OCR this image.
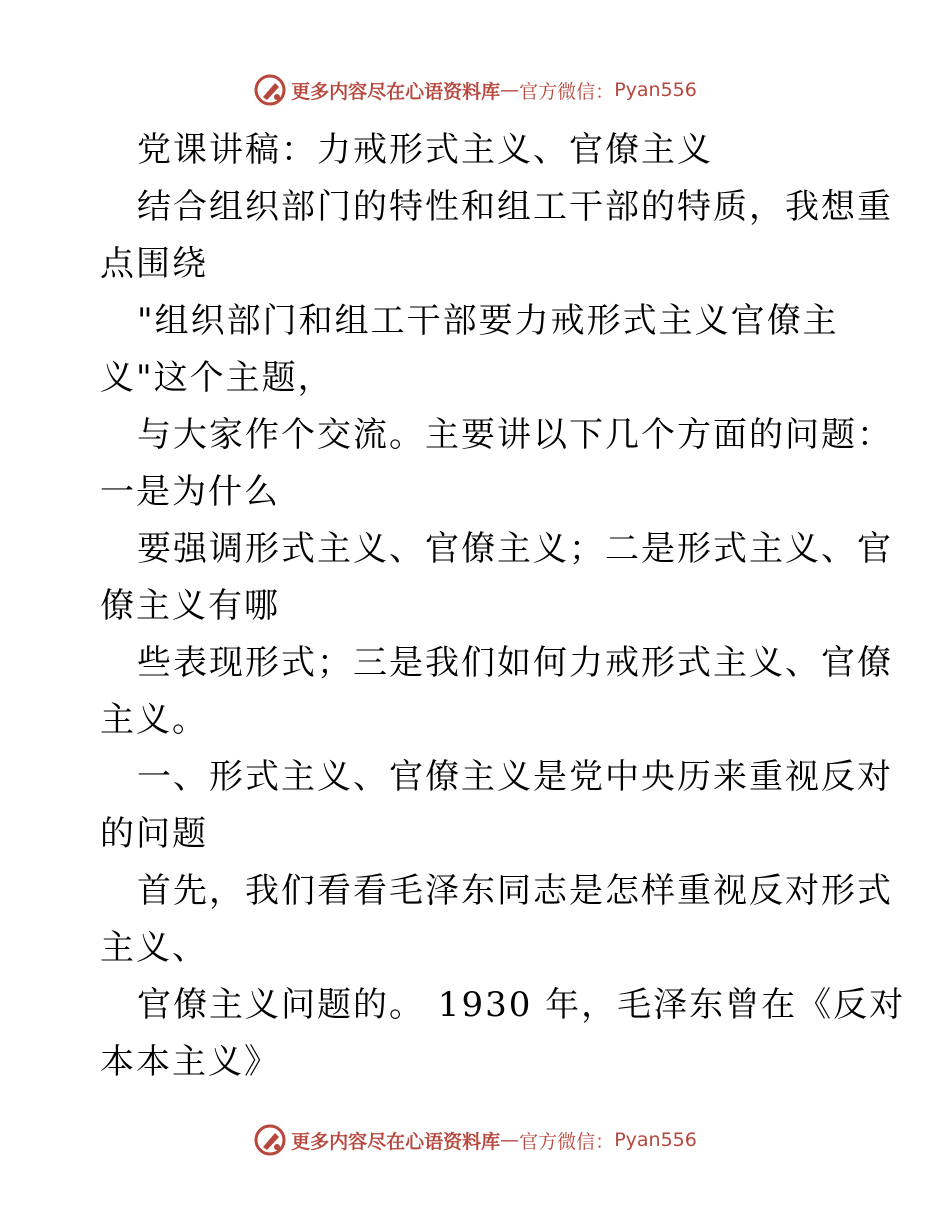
更多内容尽在心语资料库 — 官方微信： Pyan556
党课讲稿：力戒形式主义、官僚主义
结合组织部门的特性和组工干部的特质，我想重
点围绕
"组织部门和组工干部要力戒形式主义官僚主
义"这个主题，
与大家作个交流。主要讲以下几个方面的问题：
一是为什么
要强调形式主义、官僚主义；二是形式主义、官
僚主义有哪
些表现形式；三是我们如何力戒形式主义、官僚
主义。
一、形式主义、官僚主义是党中央历来重视反对
的问题
首先，我们看看毛泽东同志是怎样重视反对形式
主义、
官僚主义问题的。 1930 年，毛泽东曾在《反对
本本主义》
更多内容尽在心语资料库 — 官方微信： Pyan556
